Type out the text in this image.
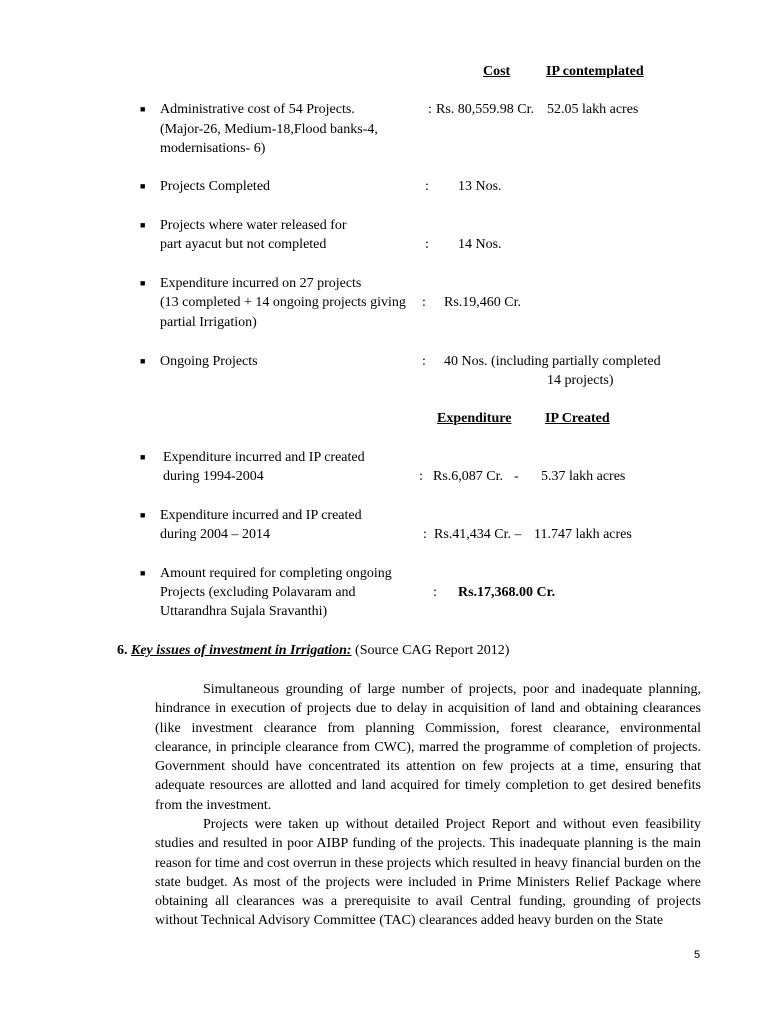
Cost	IP contemplated
■ Administrative cost of 54 Projects.
(Major-26, Medium-18,Flood banks-4,
modernisations- 6)
: Rs. 80,559.98 Cr. 52.05 lakh acres
■ Projects Completed	: 13 Nos.
■ Projects where water released for
part ayacut but not completed	: 14 Nos.
■ Expenditure incurred on 27 projects
(13 completed + 14 ongoing projects giving
partial Irrigation)
: Rs.19,460 Cr.
■ Ongoing Projects	: 40 Nos. (including partially completed
14 projects)
Expenditure IP Created
■ Expenditure incurred and IP created
during 1994-2004	: Rs.6,087 Cr. - 5.37 lakh acres
■ Expenditure incurred and IP created
during 2004 – 2014	: Rs.41,434 Cr. – 11.747 lakh acres
■ Amount required for completing ongoing
Projects (excluding Polavaram and
Uttarandhra Sujala Sravanthi)
: Rs.17,368.00 Cr.
6. Key issues of investment in Irrigation: (Source CAG Report 2012)
Simultaneous grounding of large number of projects, poor and inadequate planning, hindrance in execution of projects due to delay in acquisition of land and obtaining clearances (like investment clearance from planning Commission, forest clearance, environmental clearance, in principle clearance from CWC), marred the programme of completion of projects. Government should have concentrated its attention on few projects at a time, ensuring that adequate resources are allotted and land acquired for timely completion to get desired benefits from the investment.
Projects were taken up without detailed Project Report and without even feasibility studies and resulted in poor AIBP funding of the projects. This inadequate planning is the main reason for time and cost overrun in these projects which resulted in heavy financial burden on the state budget. As most of the projects were included in Prime Ministers Relief Package where obtaining all clearances was a prerequisite to avail Central funding, grounding of projects without Technical Advisory Committee (TAC) clearances added heavy burden on the State
5
